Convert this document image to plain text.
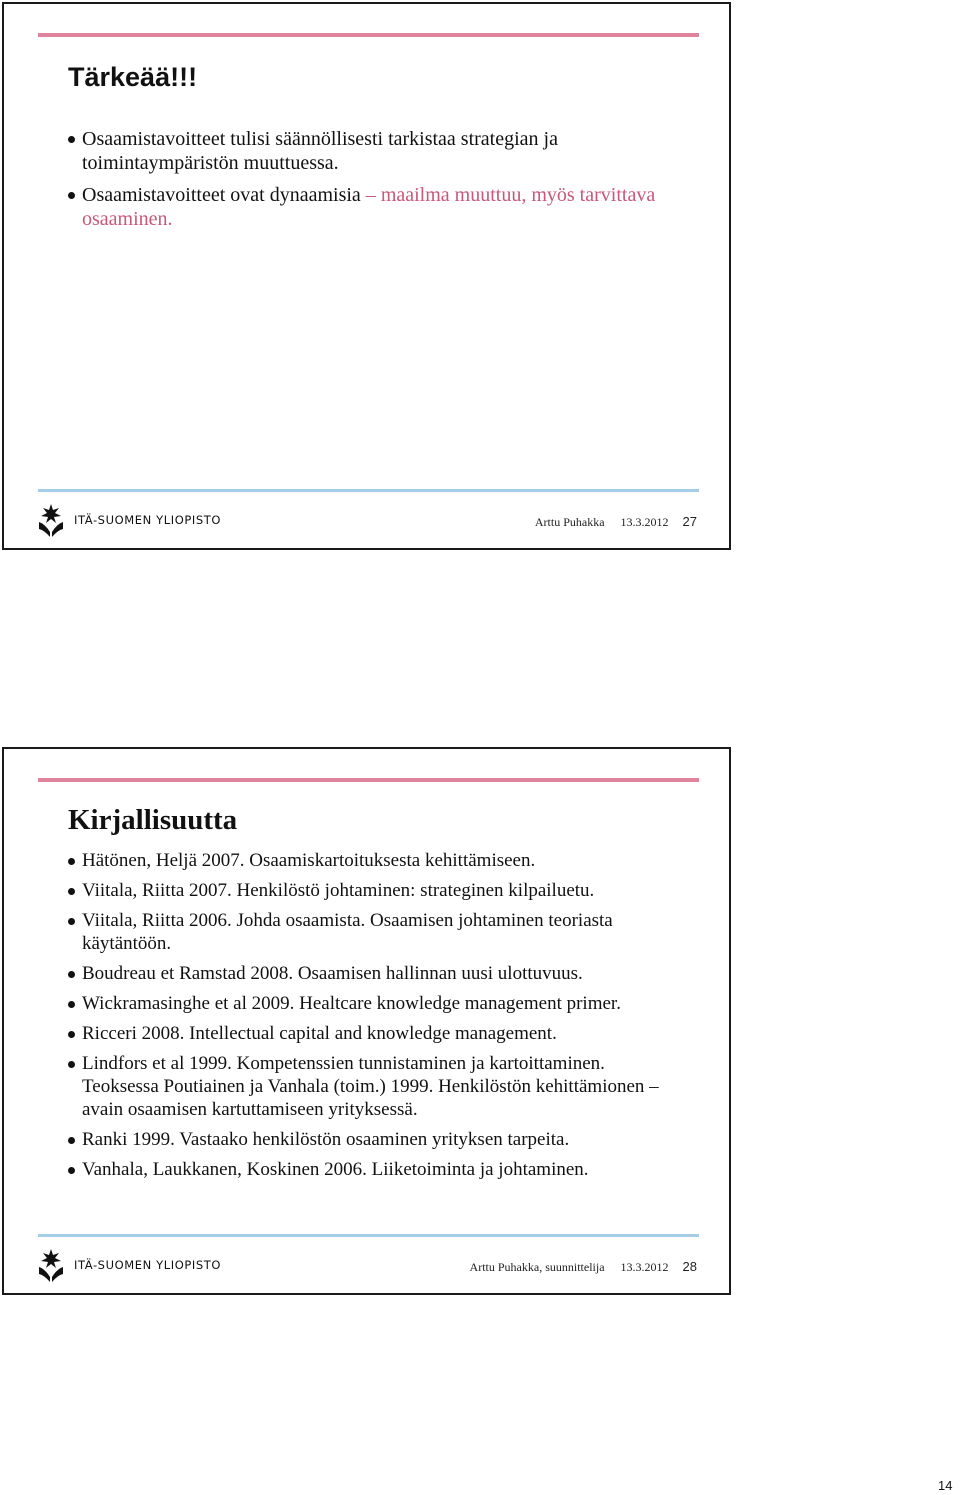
Tärkeää!!!
Osaamistavoitteet tulisi säännöllisesti tarkistaa strategian ja toimintaympäristön muuttuessa.
Osaamistavoitteet ovat dynaamisia – maailma muuttuu, myös tarvittava osaaminen.
ITÄ-SUOMEN YLIOPISTO	Arttu Puhakka 13.3.2012 27
Kirjallisuutta
Hätönen, Heljä 2007. Osaamiskartoituksesta kehittämiseen.
Viitala, Riitta 2007. Henkilöstö johtaminen: strateginen kilpailuetu.
Viitala, Riitta 2006. Johda osaamista. Osaamisen johtaminen teoriasta käytäntöön.
Boudreau et Ramstad 2008. Osaamisen hallinnan uusi ulottuvuus.
Wickramasinghe et al 2009. Healtcare knowledge management primer.
Ricceri 2008. Intellectual capital and knowledge management.
Lindfors et al 1999. Kompetenssien tunnistaminen ja kartoittaminen. Teoksessa Poutiainen ja Vanhala (toim.) 1999. Henkilöstön kehittämionen – avain osaamisen kartuttamiseen yrityksessä.
Ranki 1999. Vastaako henkilöstön osaaminen yrityksen tarpeita.
Vanhala, Laukkanen, Koskinen 2006. Liiketoiminta ja johtaminen.
ITÄ-SUOMEN YLIOPISTO	Arttu Puhakka, suunnittelija 13.3.2012 28
14
